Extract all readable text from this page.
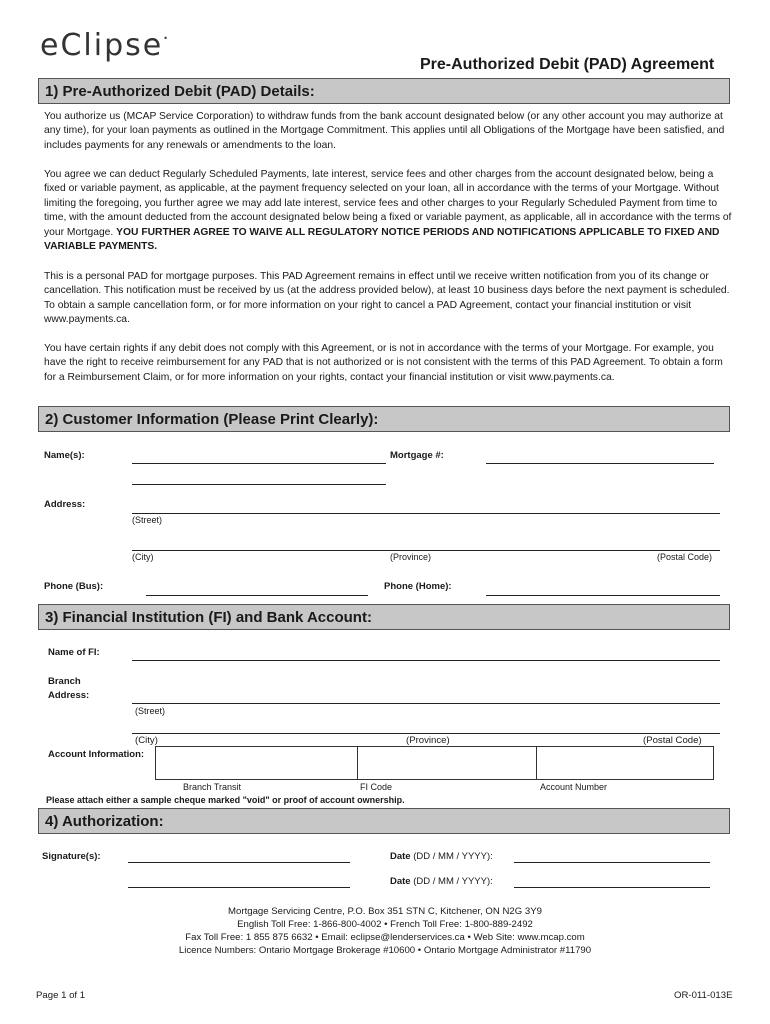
eClipse•
Pre-Authorized Debit (PAD) Agreement
1) Pre-Authorized Debit (PAD) Details:
You authorize us (MCAP Service Corporation) to withdraw funds from the bank account designated below (or any other account you may authorize at any time), for your loan payments as outlined in the Mortgage Commitment. This applies until all Obligations of the Mortgage have been satisfied, and includes payments for any renewals or amendments to the loan.
You agree we can deduct Regularly Scheduled Payments, late interest, service fees and other charges from the account designated below, being a fixed or variable payment, as applicable, at the payment frequency selected on your loan, all in accordance with the terms of your Mortgage. Without limiting the foregoing, you further agree we may add late interest, service fees and other charges to your Regularly Scheduled Payment from time to time, with the amount deducted from the account designated below being a fixed or variable payment, as applicable, all in accordance with the terms of your Mortgage. YOU FURTHER AGREE TO WAIVE ALL REGULATORY NOTICE PERIODS AND NOTIFICATIONS APPLICABLE TO FIXED AND VARIABLE PAYMENTS.
This is a personal PAD for mortgage purposes. This PAD Agreement remains in effect until we receive written notification from you of its change or cancellation. This notification must be received by us (at the address provided below), at least 10 business days before the next payment is scheduled. To obtain a sample cancellation form, or for more information on your right to cancel a PAD Agreement, contact your financial institution or visit www.payments.ca.
You have certain rights if any debit does not comply with this Agreement, or is not in accordance with the terms of your Mortgage. For example, you have the right to receive reimbursement for any PAD that is not authorized or is not consistent with the terms of this PAD Agreement. To obtain a form for a Reimbursement Claim, or for more information on your rights, contact your financial institution or visit www.payments.ca.
2) Customer Information (Please Print Clearly):
Name(s):	Mortgage #:
Address:
(Street)
(City)	(Province)	(Postal Code)
Phone (Bus):	Phone (Home):
3) Financial Institution (FI) and Bank Account:
Name of FI:
Branch
Address:
(Street)
(City)	(Province)	(Postal Code)
Account Information:
Branch Transit	FI Code	Account Number
Please attach either a sample cheque marked "void" or proof of account ownership.
4) Authorization:
Signature(s):	Date (DD / MM / YYYY):
Date (DD / MM / YYYY):
Mortgage Servicing Centre, P.O. Box 351 STN C, Kitchener, ON N2G 3Y9
English Toll Free: 1-866-800-4002 • French Toll Free: 1-800-889-2492
Fax Toll Free: 1 855 875 6632 • Email: eclipse@lenderservices.ca • Web Site: www.mcap.com
Licence Numbers: Ontario Mortgage Brokerage #10600 • Ontario Mortgage Administrator #11790
Page 1 of 1	OR-011-013E
